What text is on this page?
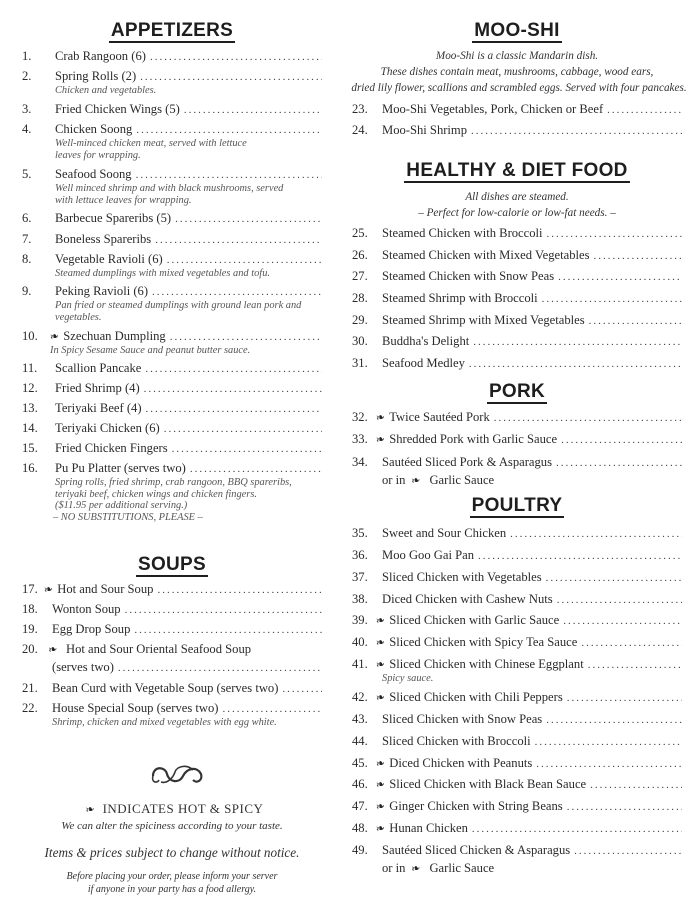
APPETIZERS
1.	Crab Rangoon (6)
.....
2.	Spring Rolls (2)
.....
Chicken and vegetables.
3.	Fried Chicken Wings (5)
.....
4.	Chicken Soong
.....
Well-minced chicken meat, served with lettuce leaves for wrapping.
5.	Seafood Soong
.....
Well minced shrimp and with black mushrooms, served with lettuce leaves for wrapping.
6.	Barbecue Spareribs (5)
.....
7.	Boneless Spareribs
.....
8.	Vegetable Ravioli (6)
.....
Steamed dumplings with mixed vegetables and tofu.
9.	Peking Ravioli (6)
.....
Pan fried or steamed dumplings with ground lean pork and vegetables.
10. ❧ Szechuan Dumpling
.....
In Spicy Sesame Sauce and peanut butter sauce.
11.	Scallion Pancake
.....
12.	Fried Shrimp (4)
.....
13.	Teriyaki Beef (4)
.....
14.	Teriyaki Chicken (6)
.....
15.	Fried Chicken Fingers
.....
16.	Pu Pu Platter (serves two)
.....
Spring rolls, fried shrimp, crab rangoon, BBQ spareribs, teriyaki beef, chicken wings and chicken fingers.
($11.95 per additional serving.)
– NO SUBSTITUTIONS, PLEASE –
SOUPS
17. ❧ Hot and Sour Soup
.....
18.	Wonton Soup
.....
19.	Egg Drop Soup
.....
20. ❧ Hot and Sour Oriental Seafood Soup
(serves two)
.....
21.	Bean Curd with Vegetable Soup (serves two)
.....
22.	House Special Soup (serves two)
.....
Shrimp, chicken and mixed vegetables with egg white.
❧ INDICATES HOT & SPICY
We can alter the spiciness according to your taste.
Items & prices subject to change without notice.
Before placing your order, please inform your server
if anyone in your party has a food allergy.
MOO-SHI
Moo-Shi is a classic Mandarin dish.
These dishes contain meat, mushrooms, cabbage, wood ears,
dried lily flower, scallions and scrambled eggs. Served with four pancakes.
23.	Moo-Shi Vegetables, Pork, Chicken or Beef
.....
24.	Moo-Shi Shrimp
.....
HEALTHY & DIET FOOD
All dishes are steamed.
– Perfect for low-calorie or low-fat needs. –
25.	Steamed Chicken with Broccoli
.....
26.	Steamed Chicken with Mixed Vegetables
.....
27.	Steamed Chicken with Snow Peas
.....
28.	Steamed Shrimp with Broccoli
.....
29.	Steamed Shrimp with Mixed Vegetables
.....
30.	Buddha's Delight
.....
31.	Seafood Medley
.....
PORK
32. ❧ Twice Sautéed Pork
.....
33. ❧ Shredded Pork with Garlic Sauce
.....
34.	Sautéed Sliced Pork & Asparagus
.....
or in ❧ Garlic Sauce
POULTRY
35.	Sweet and Sour Chicken
.....
36.	Moo Goo Gai Pan
.....
37.	Sliced Chicken with Vegetables
.....
38.	Diced Chicken with Cashew Nuts
.....
39. ❧ Sliced Chicken with Garlic Sauce
.....
40. ❧ Sliced Chicken with Spicy Tea Sauce
.....
41. ❧ Sliced Chicken with Chinese Eggplant
.....
Spicy sauce.
42. ❧ Sliced Chicken with Chili Peppers
.....
43.	Sliced Chicken with Snow Peas
.....
44.	Sliced Chicken with Broccoli
.....
45. ❧ Diced Chicken with Peanuts
.....
46. ❧ Sliced Chicken with Black Bean Sauce
.....
47. ❧ Ginger Chicken with String Beans
.....
48. ❧ Hunan Chicken
.....
49.	Sautéed Sliced Chicken & Asparagus
.....
or in ❧ Garlic Sauce
